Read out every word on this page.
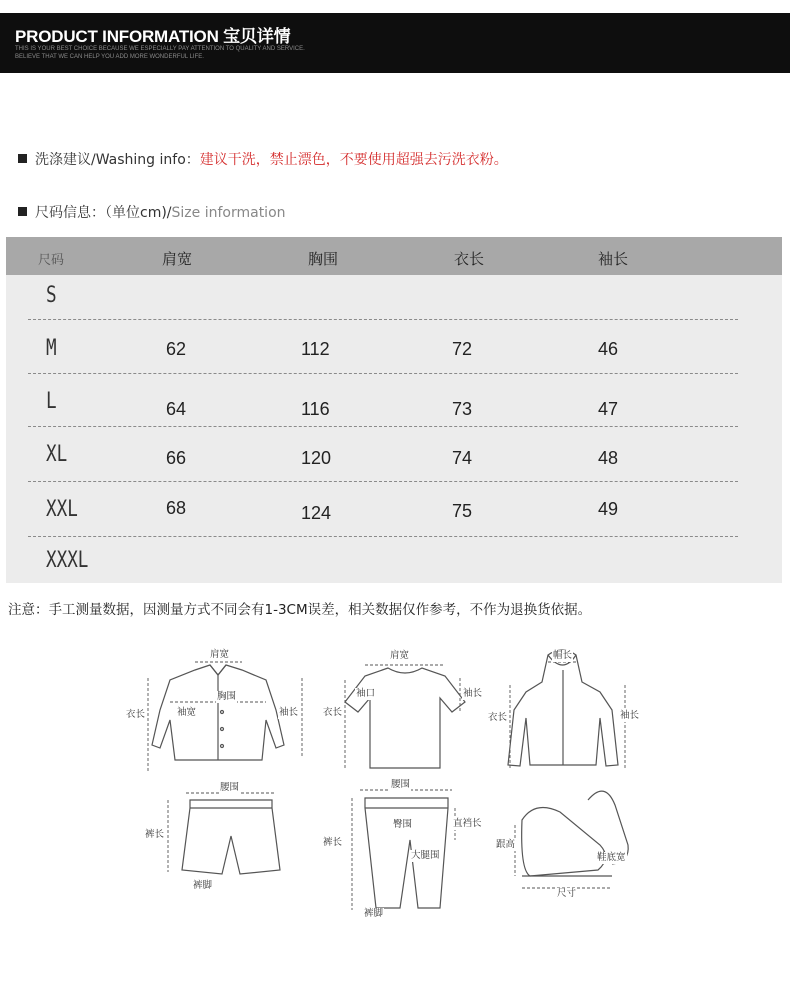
PRODUCT INFORMATION 宝贝详情
THIS IS YOUR BEST CHOICE BECAUSE WE ESPECIALLY PAY ATTENTION TO QUALITY AND SERVICE.
BELIEVE THAT WE CAN HELP YOU ADD MORE WONDERFUL LIFE.
洗涤建议/Washing info：建议干洗，禁止漂色，不要使用超强去污洗衣粉。
尺码信息：（单位cm)/Size information
尺码	肩宽	胸围	衣长	袖长
S
M	62	112	72	46
L	64	116	73	47
XL	66	120	74	48
XXL	68	124	75	49
XXXL
注意：手工测量数据，因测量方式不同会有1-3CM误差，相关数据仅作参考，不作为退换货依据。
肩宽
胸围
衣长	袖宽	袖长
肩宽
袖口
衣长
袖长
帽长
衣长	袖长
腰围
裤长
裤脚
腰围
臀围	直裆长
裤长
大腿围
裤脚
跟高
鞋底宽
尺寸
